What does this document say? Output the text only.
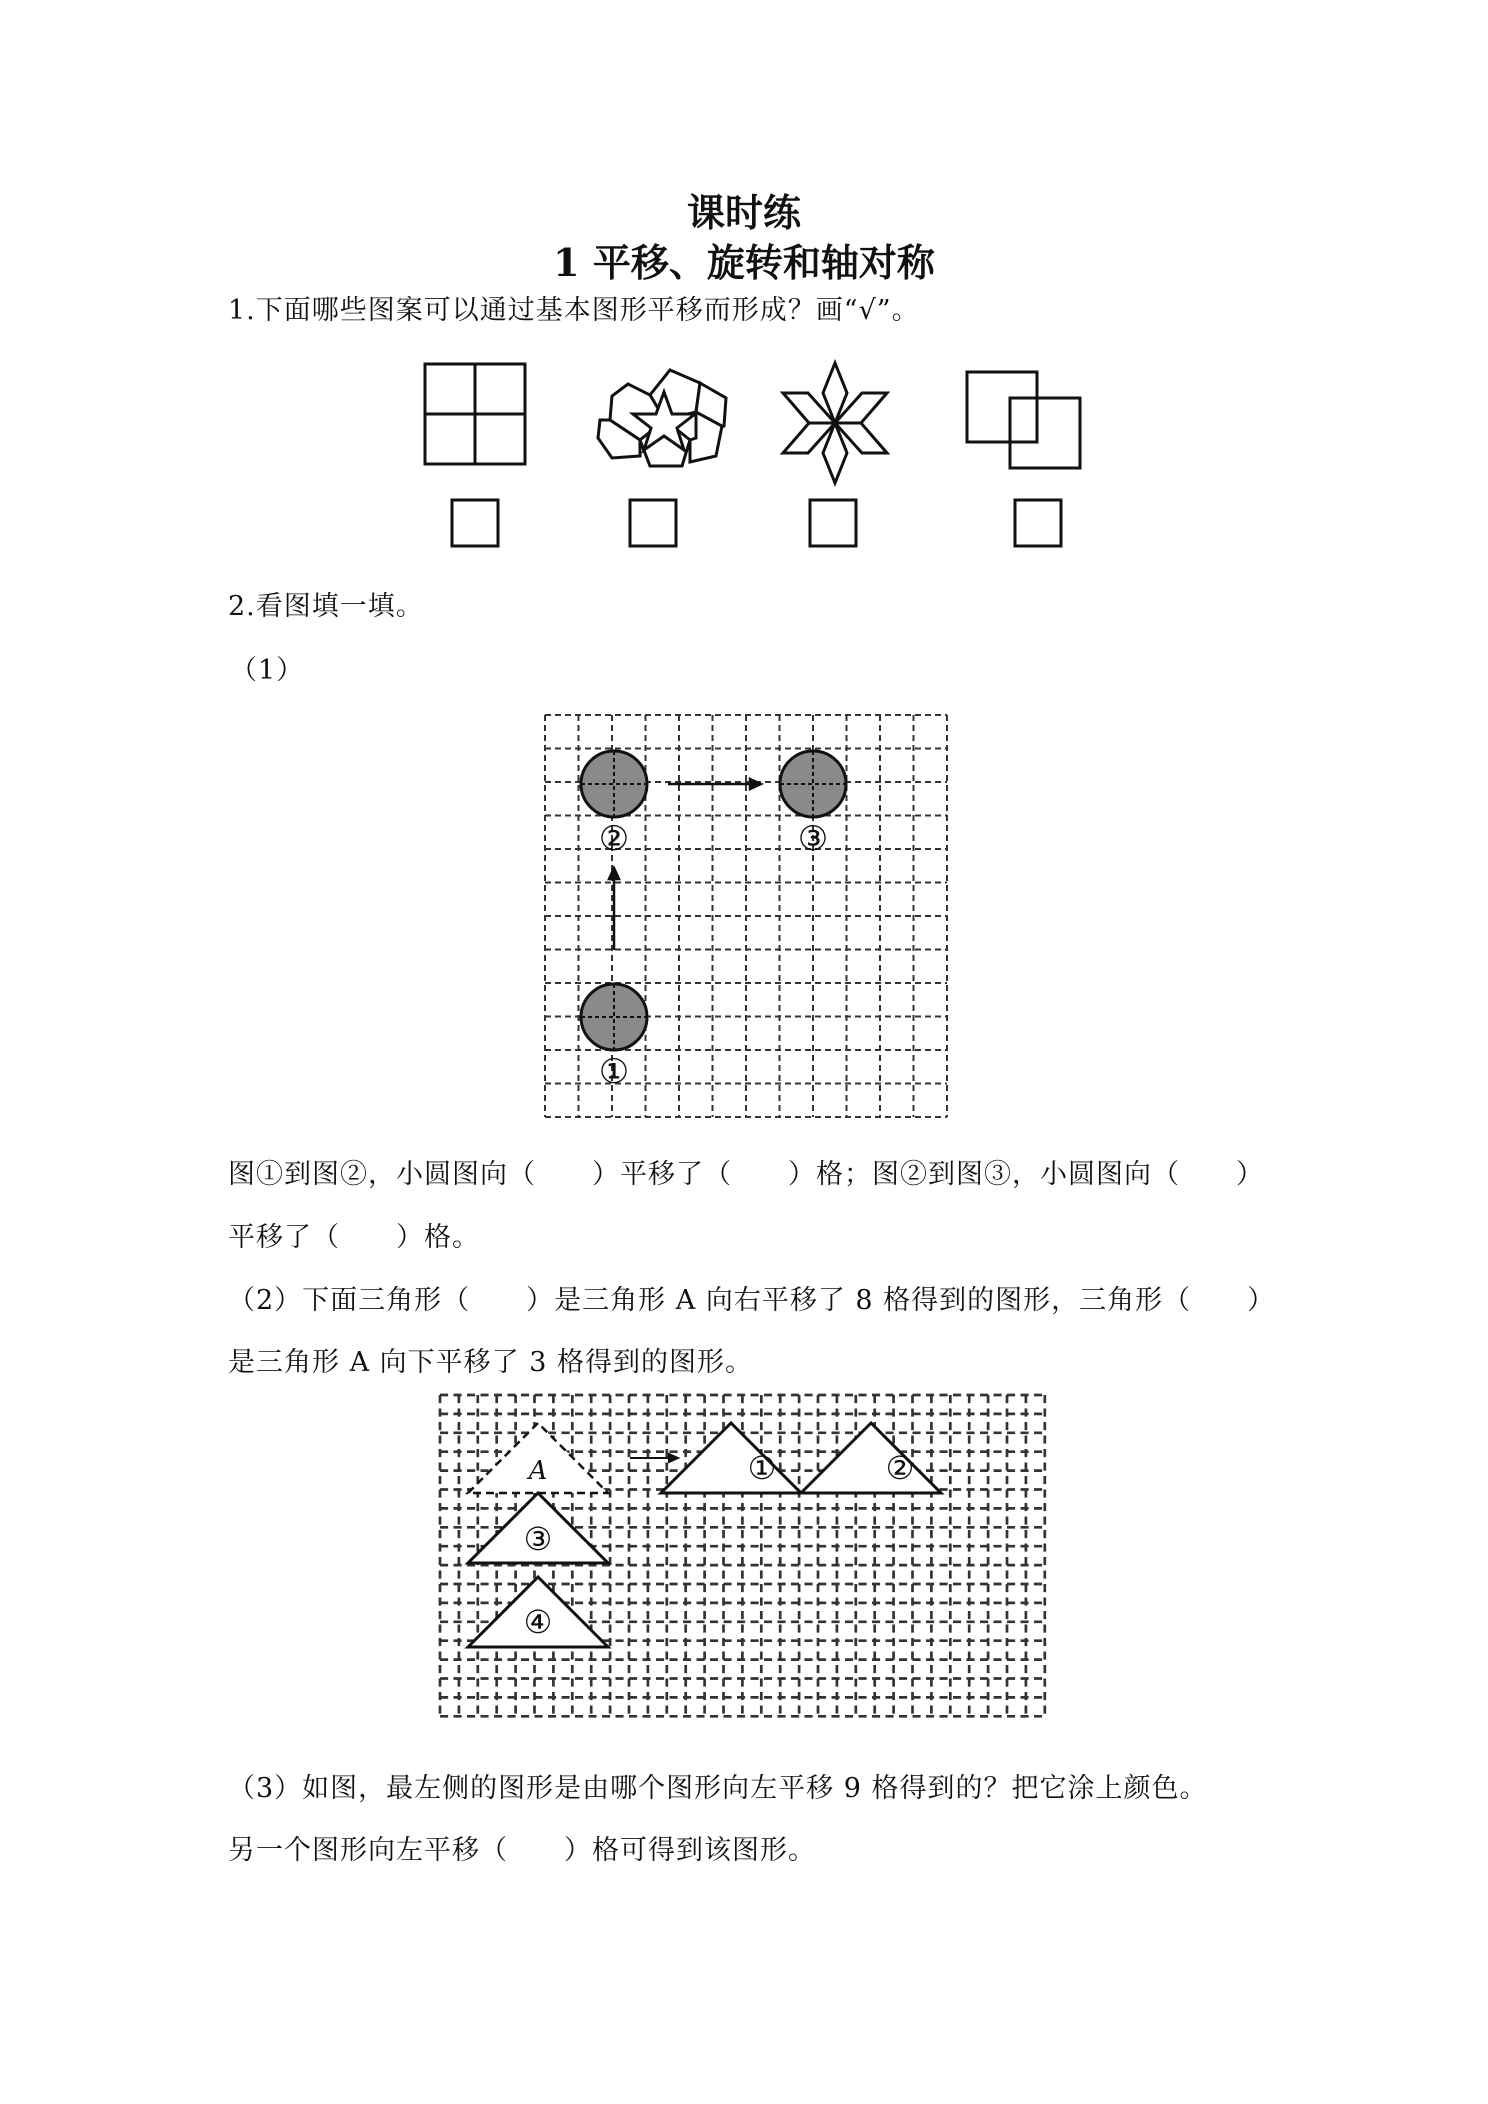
课时练
1 平移、旋转和轴对称
1.下面哪些图案可以通过基本图形平移而形成？画“√”。
2.看图填一填。
（1）
②	③
①
图①到图②，小圆图向（　　）平移了（　　）格；图②到图③，小圆图向（　　）
平移了（　　）格。
（2）下面三角形（　　）是三角形 A 向右平移了 8 格得到的图形，三角形（　　）
是三角形 A 向下平移了 3 格得到的图形。
A	①	②
③
④
（3）如图，最左侧的图形是由哪个图形向左平移 9 格得到的？把它涂上颜色。
另一个图形向左平移（　　）格可得到该图形。
